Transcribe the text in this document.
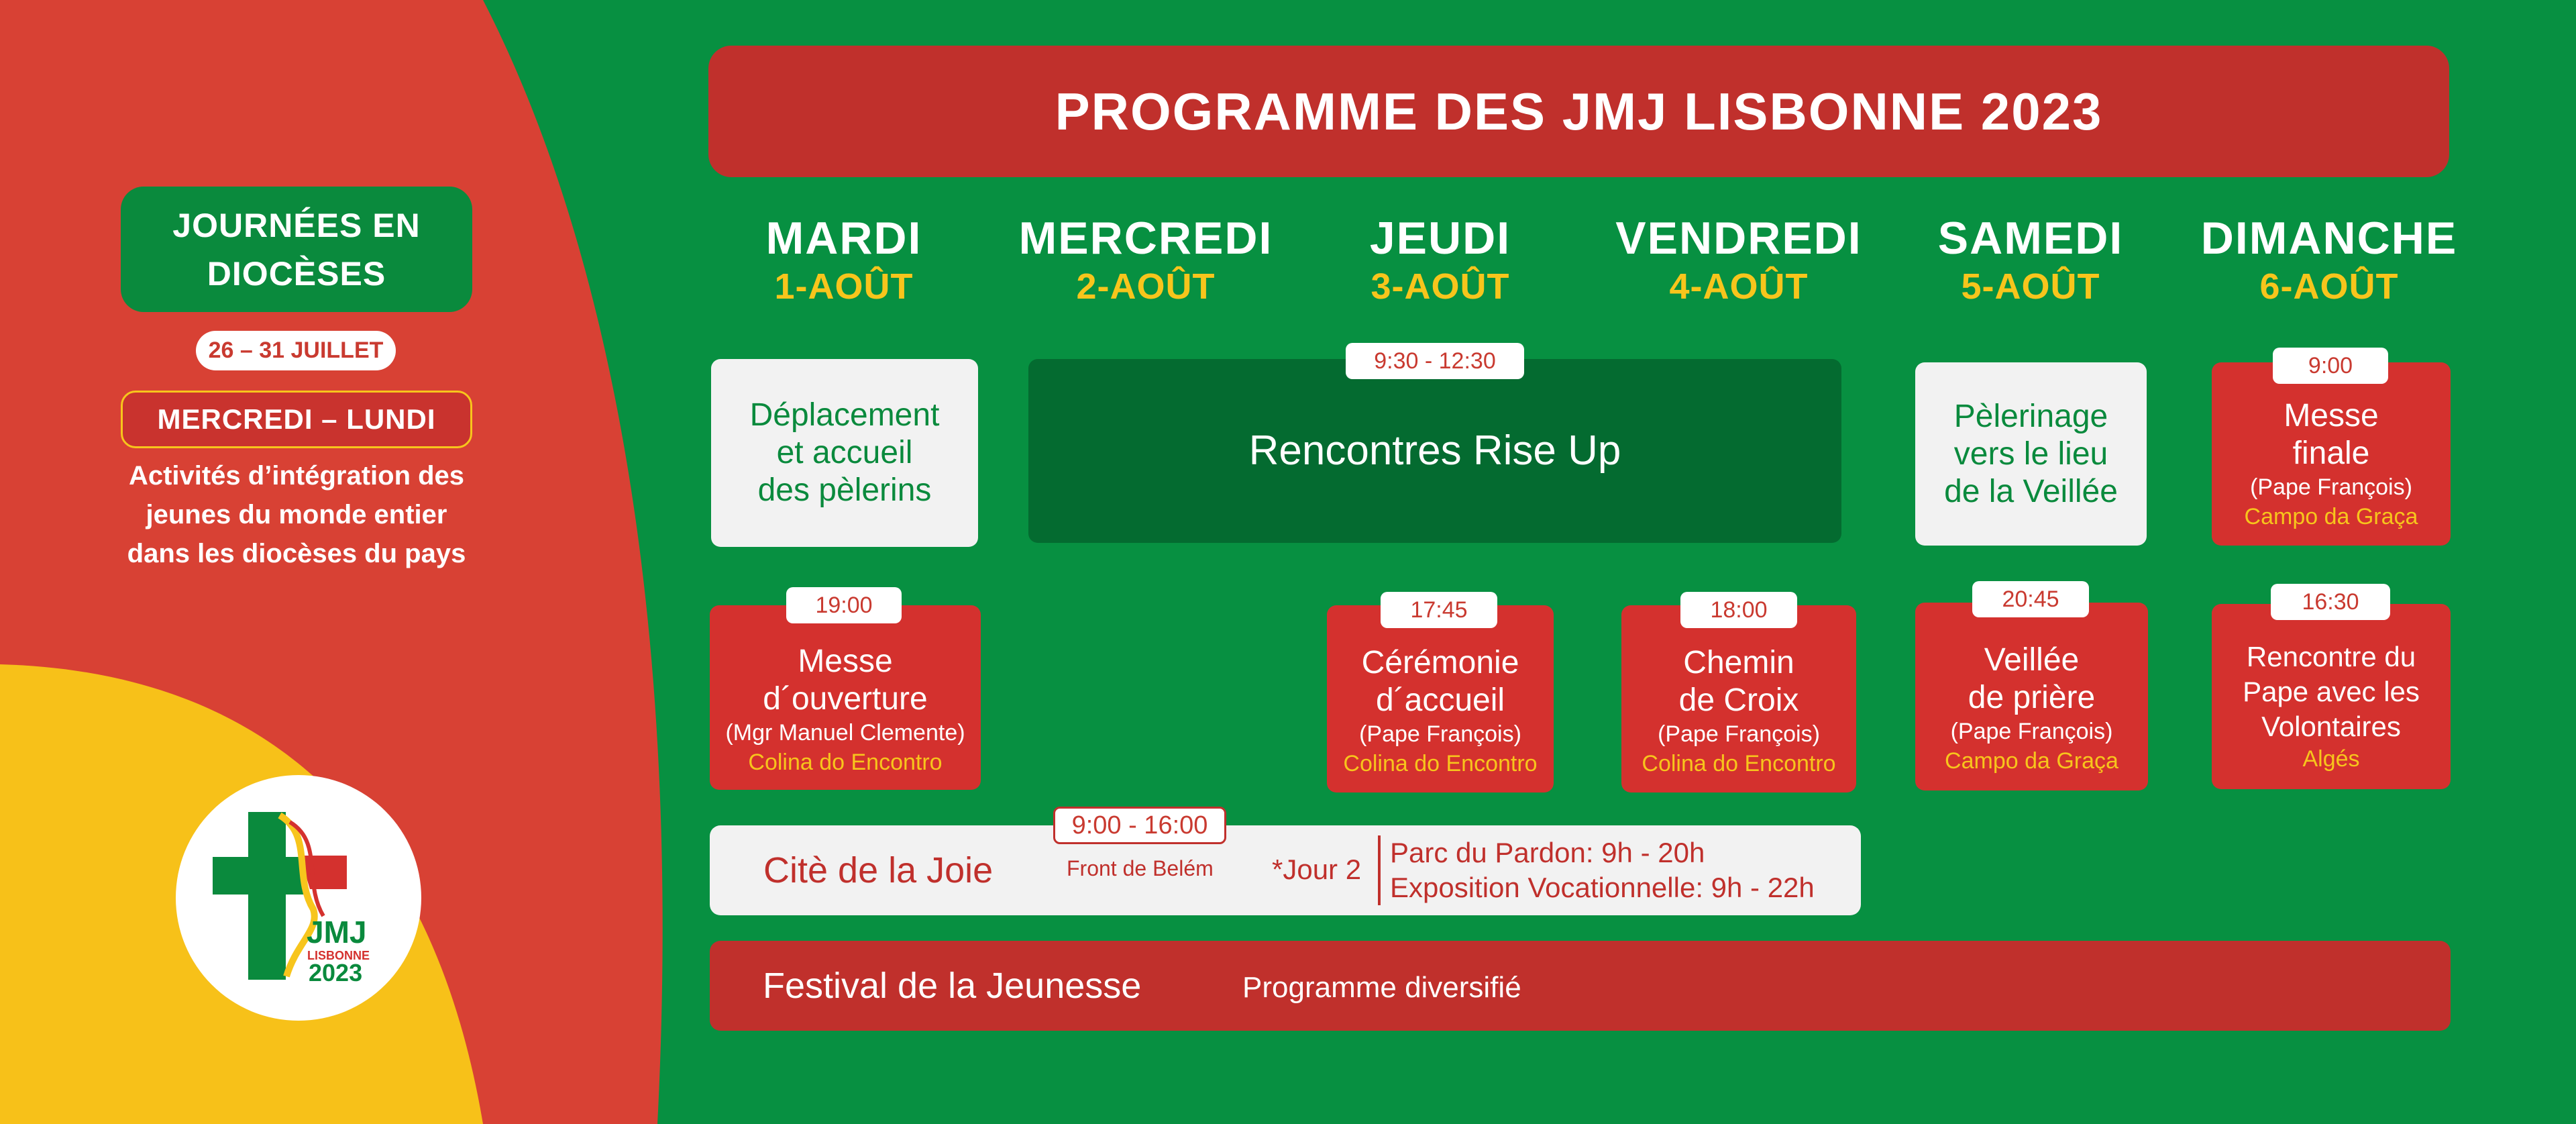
JOURNÉES EN
DIOCÈSES
26 – 31 JUILLET
MERCREDI – LUNDI
Activités d’intégration des
jeunes du monde entier
dans les diocèses du pays
JMJ
LISBONNE
2023
PROGRAMME DES JMJ LISBONNE 2023
MARDI
1-AOÛT
MERCREDI
2-AOÛT
JEUDI
3-AOÛT
VENDREDI
4-AOÛT
SAMEDI
5-AOÛT
DIMANCHE
6-AOÛT
Déplacement
et accueil
des pèlerins
Rencontres Rise Up
9:30 - 12:30
Pèlerinage
vers le lieu
de la Veillée
Messe
finale
(Pape François)
Campo da Graça
9:00
Messe
d´ouverture
(Mgr Manuel Clemente)
Colina do Encontro
19:00
Cérémonie
d´accueil
(Pape François)
Colina do Encontro
17:45
Chemin
de Croix
(Pape François)
Colina do Encontro
18:00
Veillée
de prière
(Pape François)
Campo da Graça
20:45
Rencontre du
Pape avec les
Volontaires
Algés
16:30
Citè de la Joie
9:00 - 16:00
Front de Belém *Jour 2
Parc du Pardon: 9h - 20h
Exposition Vocationnelle: 9h - 22h
Festival de la Jeunesse	Programme diversifié
